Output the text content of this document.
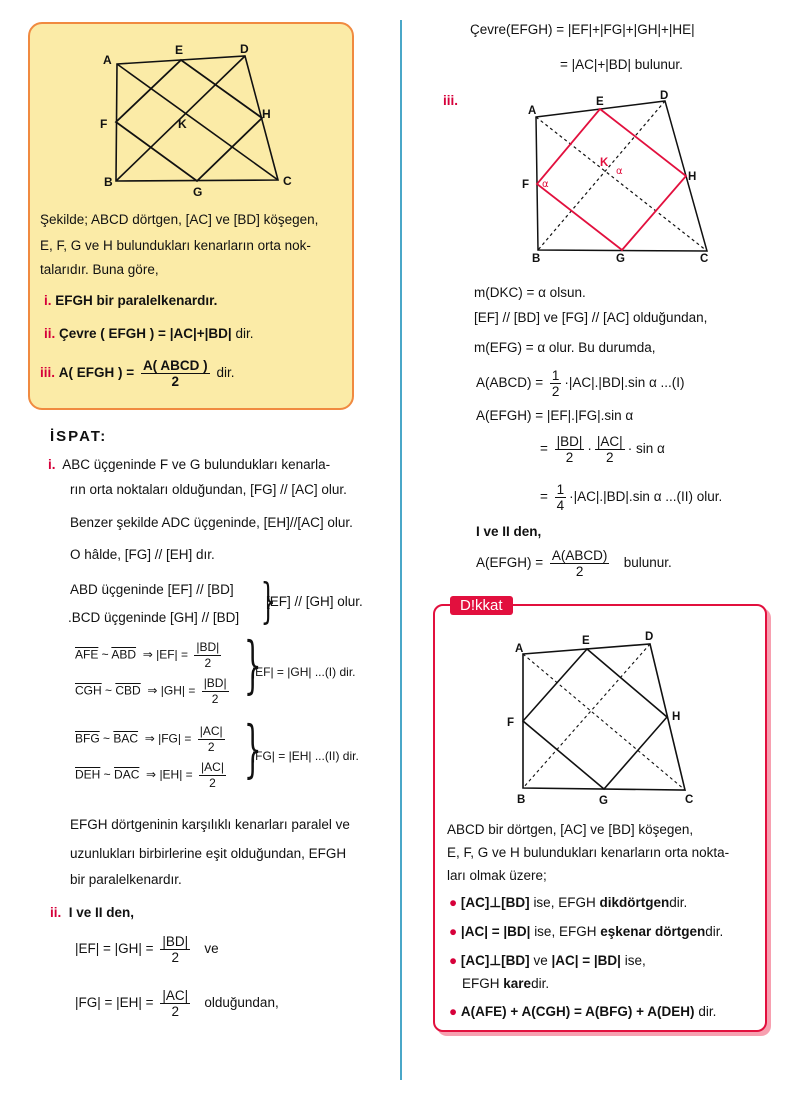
A
E	D
F	K
H
B
G
C
Şekilde; ABCD dörtgen, [AC] ve [BD] köşegen,
E, F, G ve H bulundukları kenarların orta nok-
talarıdır. Buna göre,
i. EFGH bir paralelkenardır.
ii. Çevre ( EFGH ) = |AC|+|BD| dir.
iii. A( EFGH ) = $\frac{\text{A( ABCD )}}{2}$ dir.
İSPAT:
i. ABC üçgeninde F ve G bulundukları kenarla-
rın orta noktaları olduğundan, [FG] // [AC] olur.
Benzer şekilde ADC üçgeninde, [EH]//[AC] olur.
O hâlde, [FG] // [EH] dır.
ABD üçgeninde [EF] // [BD]
.BCD üçgeninde [GH] // [BD] }
[EF] // [GH] olur.
$\overline{AFE}$ ~ $\overline{ABD}$  ⇒ $|EF| = \frac{|BD|}{2}$
$\overline{CGH}$ ~ $\overline{CBD}$  ⇒ $|GH| = \frac{|BD|}{2}$ }
|EF| = |GH| ...(I) dir.
$\overline{BFG}$ ~ $\overline{BAC}$  ⇒ $|FG| = \frac{|AC|}{2}$
$\overline{DEH}$ ~ $\overline{DAC}$  ⇒ $|EH| = \frac{|AC|}{2}$ }
|FG| = |EH| ...(II) dir.
EFGH dörtgeninin karşılıklı kenarları paralel ve
uzunlukları birbirlerine eşit olduğundan, EFGH
bir paralelkenardır.
ii. I ve II den,
$|EF| = |GH| = \frac{|BD|}{2}$ ve
$|FG| = |EH| = \frac{|AC|}{2}$ olduğundan,
Çevre(EFGH) = |EF|+|FG|+|GH|+|HE|
= |AC|+|BD| bulunur.
iii.
A
E	D
F
K
H
B	G	C
α
α
m(DKC) = α olsun.
[EF] // [BD] ve [FG] // [AC] olduğundan,
m(EFG) = α olur. Bu durumda,
A(ABCD) = $\frac{1}{2} \cdot|AC|.|BD|.\sin$ α ...(I)
A(EFGH) = |EF|.|FG|.sin α
= $\frac{|BD|}{2} \cdot \frac{|AC|}{2} \cdot \sin \alpha$
= $\frac{1}{4} \cdot|AC|.|BD|.\sin$ α ...(II) olur.
I ve II den,
A(EFGH) = $\frac{\text{A(ABCD)}}{2}$ bulunur.
D!kkat
A
E	D
F	H
B	G	C
ABCD bir dörtgen, [AC] ve [BD] köşegen,
E, F, G ve H bulundukları kenarların orta nokta-
ları olmak üzere;
● [AC]⊥[BD] ise, EFGH dikdörtgendir.
● |AC| = |BD| ise, EFGH eşkenar dörtgendir.
● [AC]⊥[BD] ve |AC| = |BD| ise,
EFGH karedir.
● A(AFE) + A(CGH) = A(BFG) + A(DEH) dir.
